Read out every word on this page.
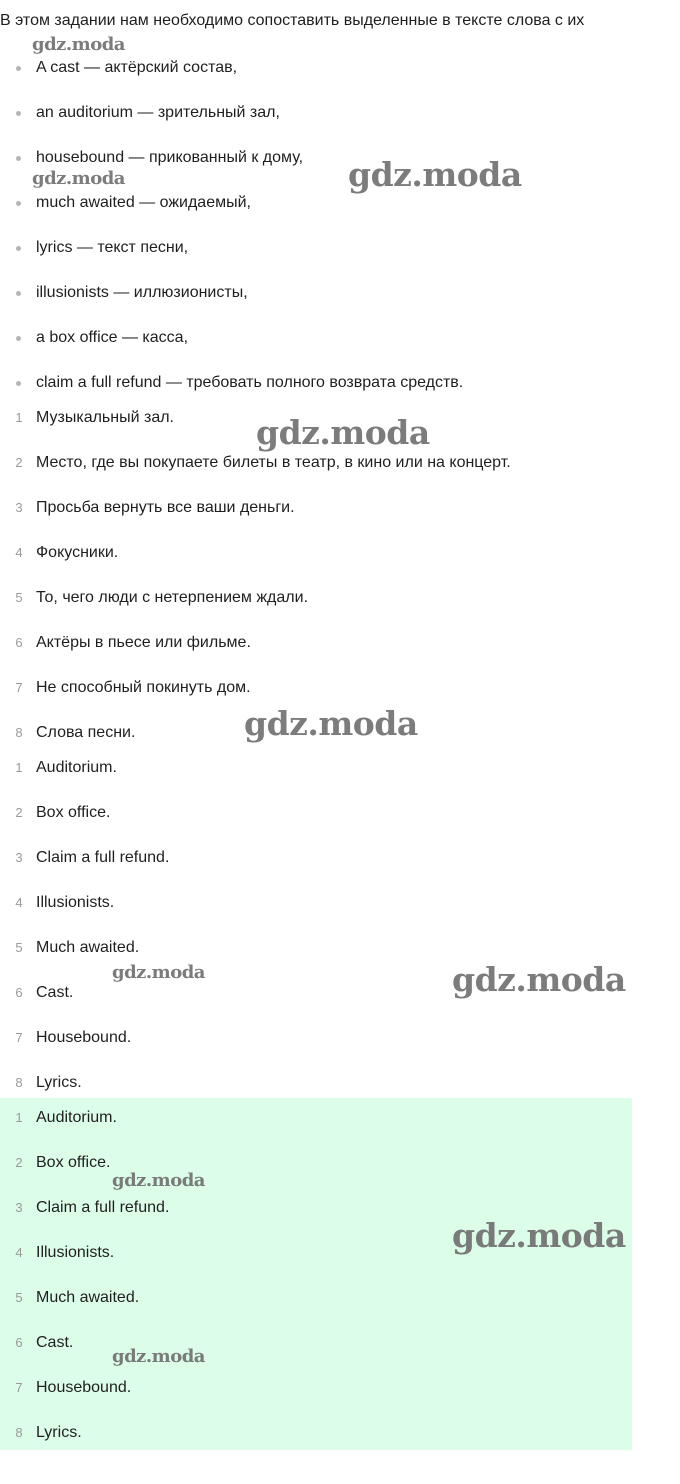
В этом задании нам необходимо сопоставить выделенные в тексте слова с их
A cast — актёрский состав,
an auditorium — зрительный зал,
housebound — прикованный к дому,
much awaited — ожидаемый,
lyrics — текст песни,
illusionists — иллюзионисты,
a box office — касса,
claim a full refund — требовать полного возврата средств.
1 Музыкальный зал.
2 Место, где вы покупаете билеты в театр, в кино или на концерт.
3 Просьба вернуть все ваши деньги.
4 Фокусники.
5 То, чего люди с нетерпением ждали.
6 Актёры в пьесе или фильме.
7 Не способный покинуть дом.
8 Слова песни.
1 Auditorium.
2 Box office.
3 Claim a full refund.
4 Illusionists.
5 Much awaited.
6 Cast.
7 Housebound.
8 Lyrics.
1 Auditorium.
2 Box office.
3 Claim a full refund.
4 Illusionists.
5 Much awaited.
6 Cast.
7 Housebound.
8 Lyrics.
gdz.moda
gdz.moda	gdz.moda
gdz.moda
gdz.moda
gdz.moda	gdz.moda
gdz.moda
gdz.moda
gdz.moda
